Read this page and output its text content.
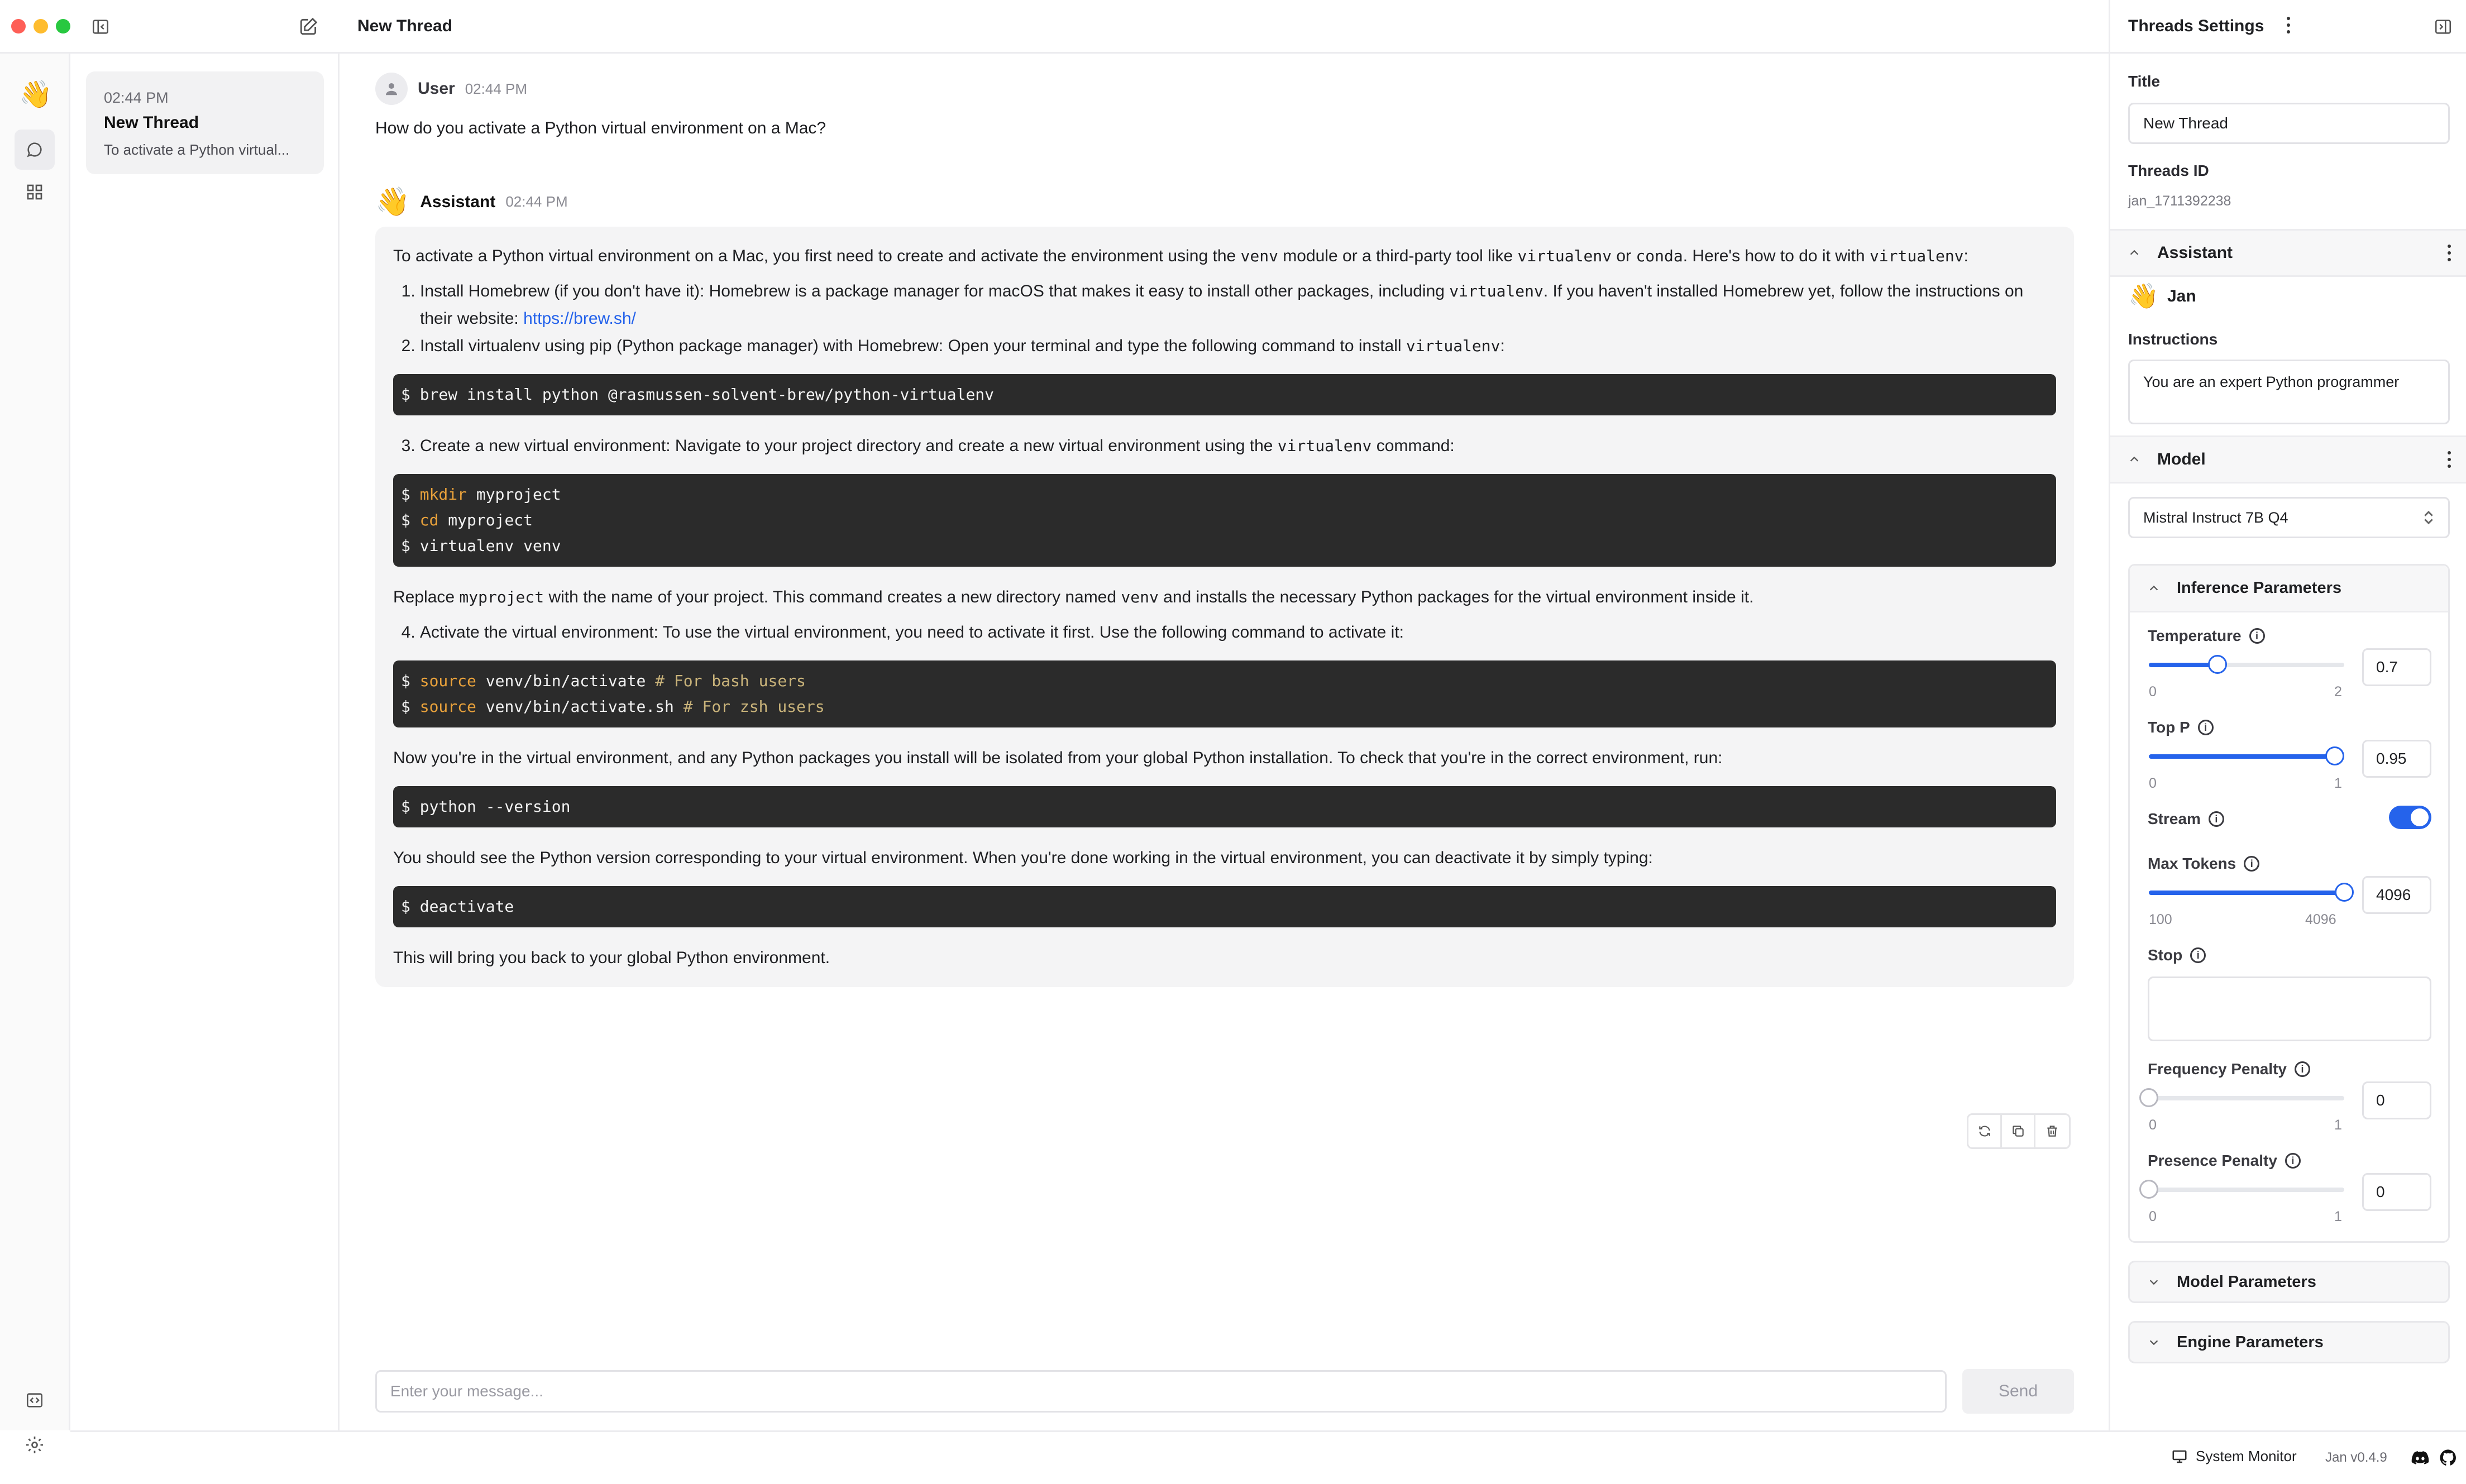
New Thread
👋	02:44 PM
New Thread
To activate a Python virtual...
User 02:44 PM
How do you activate a Python virtual environment on a Mac?
👋 Assistant 02:44 PM

To activate a Python virtual environment on a Mac, you first need to create and activate the environment using the venv module or a third-party tool like virtualenv or conda. Here's how to do it with virtualenv:

1. Install Homebrew (if you don't have it): Homebrew is a package manager for macOS that makes it easy to install other packages, including virtualenv. If you haven't installed Homebrew yet, follow the instructions on their website: https://brew.sh/
2. Install virtualenv using pip (Python package manager) with Homebrew: Open your terminal and type the following command to install virtualenv:
$ brew install python @rasmussen-solvent-brew/python-virtualenv
3. Create a new virtual environment: Navigate to your project directory and create a new virtual environment using the virtualenv command:
$ mkdir myproject
$ cd myproject
$ virtualenv venv

Replace myproject with the name of your project. This command creates a new directory named venv and installs the necessary Python packages for the virtual environment inside it.

4. Activate the virtual environment: To use the virtual environment, you need to activate it first. Use the following command to activate it:
$ source venv/bin/activate # For bash users
$ source venv/bin/activate.sh # For zsh users

Now you're in the virtual environment, and any Python packages you install will be isolated from your global Python installation. To check that you're in the correct environment, run:

$ python --version

You should see the Python version corresponding to your virtual environment. When you're done working in the virtual environment, you can deactivate it by simply typing:

$ deactivate

This will bring you back to your global Python environment.

Enter your message...	Send
Threads Settings
Title
New Thread
Threads ID
jan_1711392238
Assistant
👋 Jan
Instructions
You are an expert Python programmer
Model
Mistral Instruct 7B Q4
Inference Parameters
Temperature	i
0	2
0.7
Top P	i
0	1
0.95
Stream	i
Max Tokens	i
100	4096
4096
Stop	i
Frequency Penalty	i
0	1
0
Presence Penalty	i
0	1
0
Model Parameters
Engine Parameters
System Monitor Jan v0.4.9
